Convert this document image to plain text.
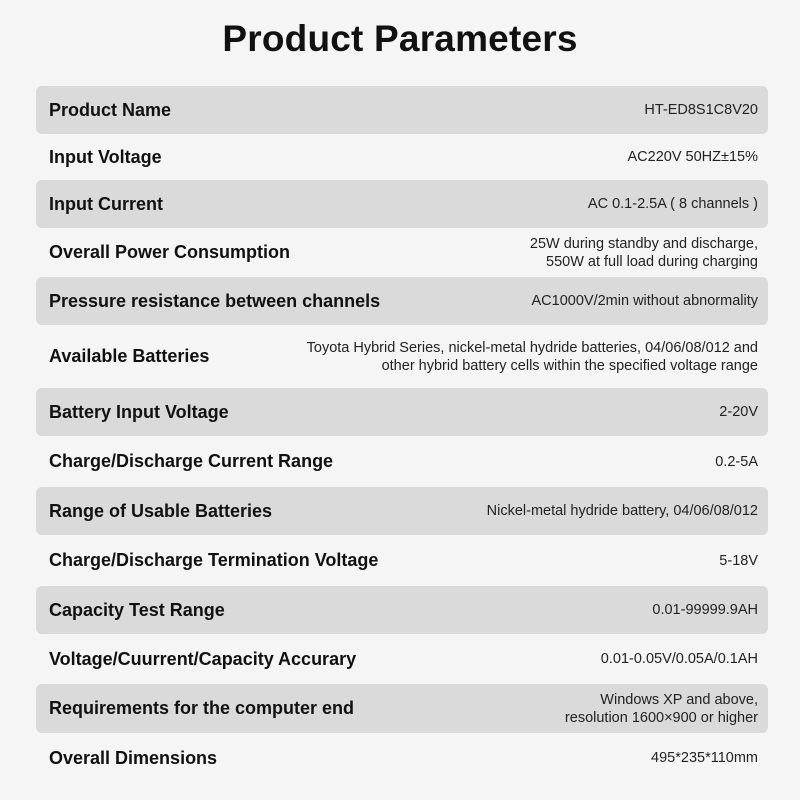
Product Parameters
Product Name	HT-ED8S1C8V20
Input Voltage	AC220V 50HZ±15%
Input Current	AC 0.1-2.5A ( 8 channels )
Overall Power Consumption	25W during standby and discharge,
550W at full load during charging
Pressure resistance between channels	AC1000V/2min without abnormality
Available Batteries	Toyota Hybrid Series, nickel-metal hydride batteries, 04/06/08/012 and
other hybrid battery cells within the specified voltage range
Battery Input Voltage	2-20V
Charge/Discharge Current Range	0.2-5A
Range of Usable Batteries	Nickel-metal hydride battery, 04/06/08/012
Charge/Discharge Termination Voltage	5-18V
Capacity Test Range	0.01-99999.9AH
Voltage/Cuurrent/Capacity Accurary	0.01-0.05V/0.05A/0.1AH
Requirements for the computer end	Windows XP and above,
resolution 1600×900 or higher
Overall Dimensions	495*235*110mm
